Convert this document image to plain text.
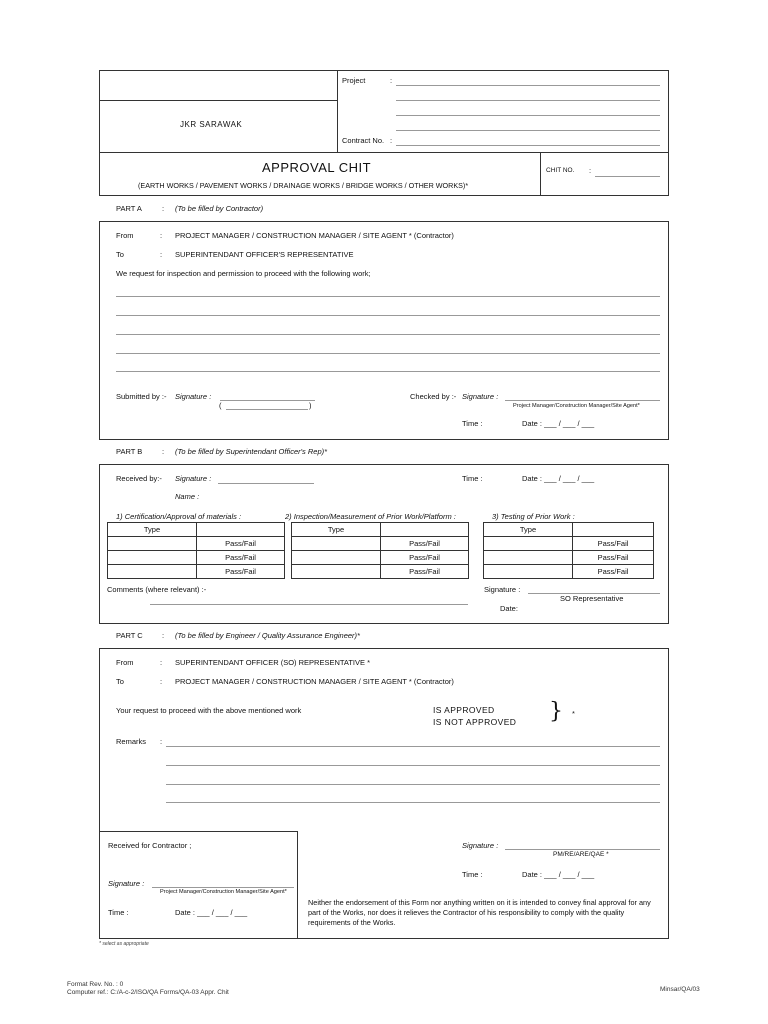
JKR SARAWAK
Project	:
Contract No. :
APPROVAL CHIT
(EARTH WORKS / PAVEMENT WORKS / DRAINAGE WORKS / BRIDGE WORKS / OTHER WORKS)*
CHIT NO. :
PART A	: (To be filled by Contractor)
From	: PROJECT MANAGER / CONSTRUCTION MANAGER / SITE AGENT * (Contractor)
To	: SUPERINTENDANT OFFICER'S REPRESENTATIVE
We request for inspection and permission to proceed with the following work;
Submitted by :- Signature :
(	)
Checked by :- Signature :
Project Manager/Construction Manager/Site Agent*
Time :	Date : ___ / ___ / ___
PART B	: (To be filled by Superintendant Officer's Rep)*
Received by:- Signature :
Name :
Time :	Date : ___ / ___ / ___
1) Certification/Approval of materials :	2) Inspection/Measurement of Prior Work/Platform :	3) Testing of Prior Work :
Type	
	Pass/Fail
	Pass/Fail
	Pass/Fail
Type	
	Pass/Fail
	Pass/Fail
	Pass/Fail
Type	
	Pass/Fail
	Pass/Fail
	Pass/Fail
Comments (where relevant) :-	Signature :
SO Representative
Date:
PART C	: (To be filled by Engineer / Quality Assurance Engineer)*
From	: SUPERINTENDANT OFFICER (SO) REPRESENTATIVE *
To	: PROJECT MANAGER / CONSTRUCTION MANAGER / SITE AGENT * (Contractor)
Your request to proceed with the above mentioned work	IS APPROVED
IS NOT APPROVED } *
Remarks :
Received for Contractor ;
Signature :
Project Manager/Construction Manager/Site Agent*
Time :	Date : ___ / ___ / ___
Signature :
PM/RE/ARE/QAE *
Time :	Date : ___ / ___ / ___
Neither the endorsement of this Form nor anything written on it is intended to convey final approval for any part of the Works, nor does it relieves the Contractor of his responsibility to comply with the quality requirements of the Works.
* select as appropriate
Format Rev. No. : 0
Computer ref.: C:/A-c-2/ISO/QA Forms/QA-03 Appr. Chit	Minsar/QA/03
